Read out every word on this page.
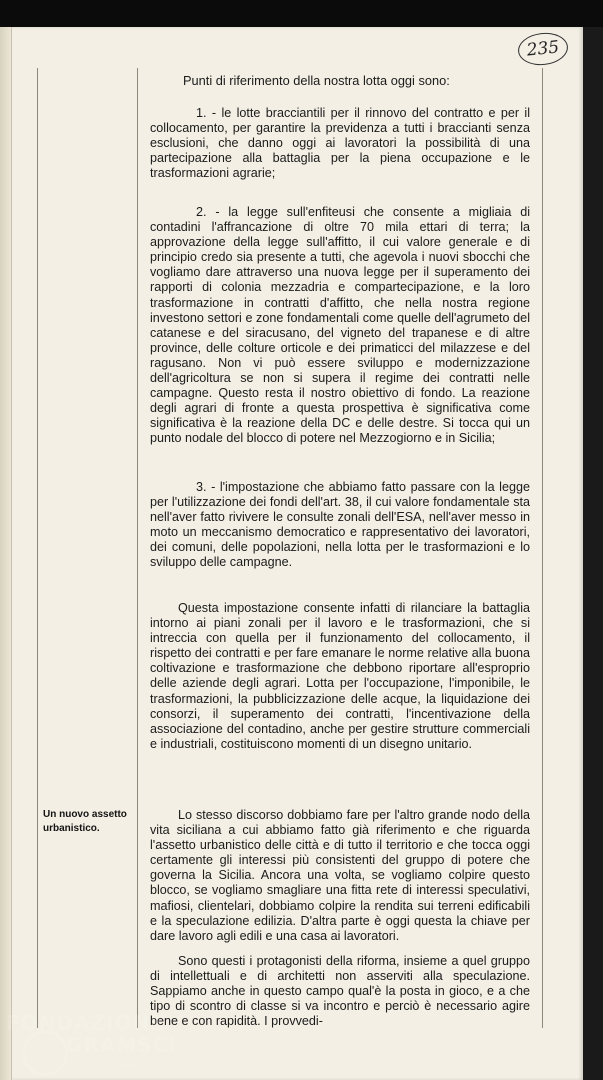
235
Punti di riferimento della nostra lotta oggi sono:
Un nuovo assetto urbanistico.

1. - le lotte bracciantili per il rinnovo del contratto e per il collocamento, per garantire la previdenza a tutti i braccianti senza esclusioni, che danno oggi ai lavoratori la possibilità di una partecipazione alla battaglia per la piena occupazione e le trasformazioni agrarie;

2. - la legge sull'enfiteusi che consente a migliaia di contadini l'affrancazione di oltre 70 mila ettari di terra; la approvazione della legge sull'affitto, il cui valore generale e di principio credo sia presente a tutti, che agevola i nuovi sbocchi che vogliamo dare attraverso una nuova legge per il superamento dei rapporti di colonia mezzadria e compartecipazione, e la loro trasformazione in contratti d'affitto, che nella nostra regione investono settori e zone fondamentali come quelle dell'agrumeto del catanese e del siracusano, del vigneto del trapanese e di altre province, delle colture orticole e dei primaticci del milazzese e del ragusano. Non vi può essere sviluppo e modernizzazione dell'agricoltura se non si supera il regime dei contratti nelle campagne. Questo resta il nostro obiettivo di fondo. La reazione degli agrari di fronte a questa prospettiva è significativa come significativa è la reazione della DC e delle destre. Si tocca qui un punto nodale del blocco di potere nel Mezzogiorno e in Sicilia;

3. - l'impostazione che abbiamo fatto passare con la legge per l'utilizzazione dei fondi dell'art. 38, il cui valore fondamentale sta nell'aver fatto rivivere le consulte zonali dell'ESA, nell'aver messo in moto un meccanismo democratico e rappresentativo dei lavoratori, dei comuni, delle popolazioni, nella lotta per le trasformazioni e lo sviluppo delle campagne.

Questa impostazione consente infatti di rilanciare la battaglia intorno ai piani zonali per il lavoro e le trasformazioni, che si intreccia con quella per il funzionamento del collocamento, il rispetto dei contratti e per fare emanare le norme relative alla buona coltivazione e trasformazione che debbono riportare all'esproprio delle aziende degli agrari. Lotta per l'occupazione, l'imponibile, le trasformazioni, la pubblicizzazione delle acque, la liquidazione dei consorzi, il superamento dei contratti, l'incentivazione della associazione del contadino, anche per gestire strutture commerciali e industriali, costituiscono momenti di un disegno unitario.

Lo stesso discorso dobbiamo fare per l'altro grande nodo della vita siciliana a cui abbiamo fatto già riferimento e che riguarda l'assetto urbanistico delle città e di tutto il territorio e che tocca oggi certamente gli interessi più consistenti del gruppo di potere che governa la Sicilia. Ancora una volta, se vogliamo colpire questo blocco, se vogliamo smagliare una fitta rete di interessi speculativi, mafiosi, clientelari, dobbiamo colpire la rendita sui terreni edificabili e la speculazione edilizia. D'altra parte è oggi questa la chiave per dare lavoro agli edili e una casa ai lavoratori.

Sono questi i protagonisti della riforma, insieme a quel gruppo di intellettuali e di architetti non asserviti alla speculazione. Sappiamo anche in questo campo qual'è la posta in gioco, e a che tipo di scontro di classe si va incontro e perciò è necessario agire bene e con rapidità. I provvedi-

FONDAZIONE
GRAMSCI
Onlus
